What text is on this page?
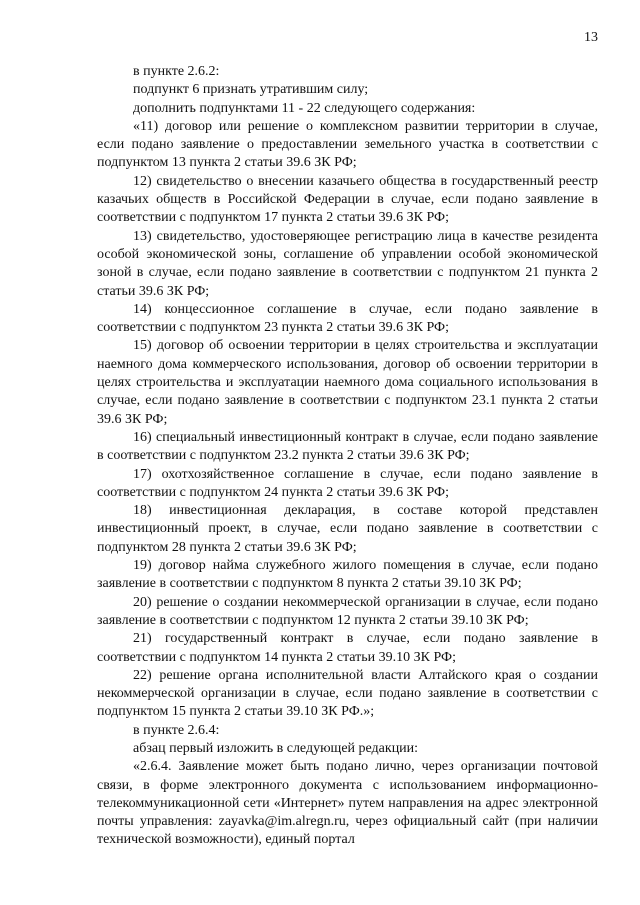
13

в пункте 2.6.2:

подпункт 6 признать утратившим силу;

дополнить подпунктами 11 - 22 следующего содержания:

«11) договор или решение о комплексном развитии территории в случае, если подано заявление о предоставлении земельного участка в соответствии с подпунктом 13 пункта 2 статьи 39.6 ЗК РФ;

12) свидетельство о внесении казачьего общества в государственный реестр казачьих обществ в Российской Федерации в случае, если подано заявление в соответствии с подпунктом 17 пункта 2 статьи 39.6 ЗК РФ;

13) свидетельство, удостоверяющее регистрацию лица в качестве резидента особой экономической зоны, соглашение об управлении особой экономической зоной в случае, если подано заявление в соответствии с подпунктом 21 пункта 2 статьи 39.6 ЗК РФ;

14) концессионное соглашение в случае, если подано заявление в соответствии с подпунктом 23 пункта 2 статьи 39.6 ЗК РФ;

15) договор об освоении территории в целях строительства и эксплуатации наемного дома коммерческого использования, договор об освоении территории в целях строительства и эксплуатации наемного дома социального использования в случае, если подано заявление в соответствии с подпунктом 23.1 пункта 2 статьи 39.6 ЗК РФ;

16) специальный инвестиционный контракт в случае, если подано заявление в соответствии с подпунктом 23.2 пункта 2 статьи 39.6 ЗК РФ;

17) охотхозяйственное соглашение в случае, если подано заявление в соответствии с подпунктом 24 пункта 2 статьи 39.6 ЗК РФ;

18) инвестиционная декларация, в составе которой представлен инвестиционный проект, в случае, если подано заявление в соответствии с подпунктом 28 пункта 2 статьи 39.6 ЗК РФ;

19) договор найма служебного жилого помещения в случае, если подано заявление в соответствии с подпунктом 8 пункта 2 статьи 39.10 ЗК РФ;

20) решение о создании некоммерческой организации в случае, если подано заявление в соответствии с подпунктом 12 пункта 2 статьи 39.10 ЗК РФ;

21) государственный контракт в случае, если подано заявление в соответствии с подпунктом 14 пункта 2 статьи 39.10 ЗК РФ;

22) решение органа исполнительной власти Алтайского края о создании некоммерческой организации в случае, если подано заявление в соответствии с подпунктом 15 пункта 2 статьи 39.10 ЗК РФ.»;

в пункте 2.6.4:

абзац первый изложить в следующей редакции:

«2.6.4. Заявление может быть подано лично, через организации почтовой связи, в форме электронного документа с использованием информационно-телекоммуникационной сети «Интернет» путем направления на адрес электронной почты управления: zayavka@im.alregn.ru, через официальный сайт (при наличии технической возможности), единый портал
